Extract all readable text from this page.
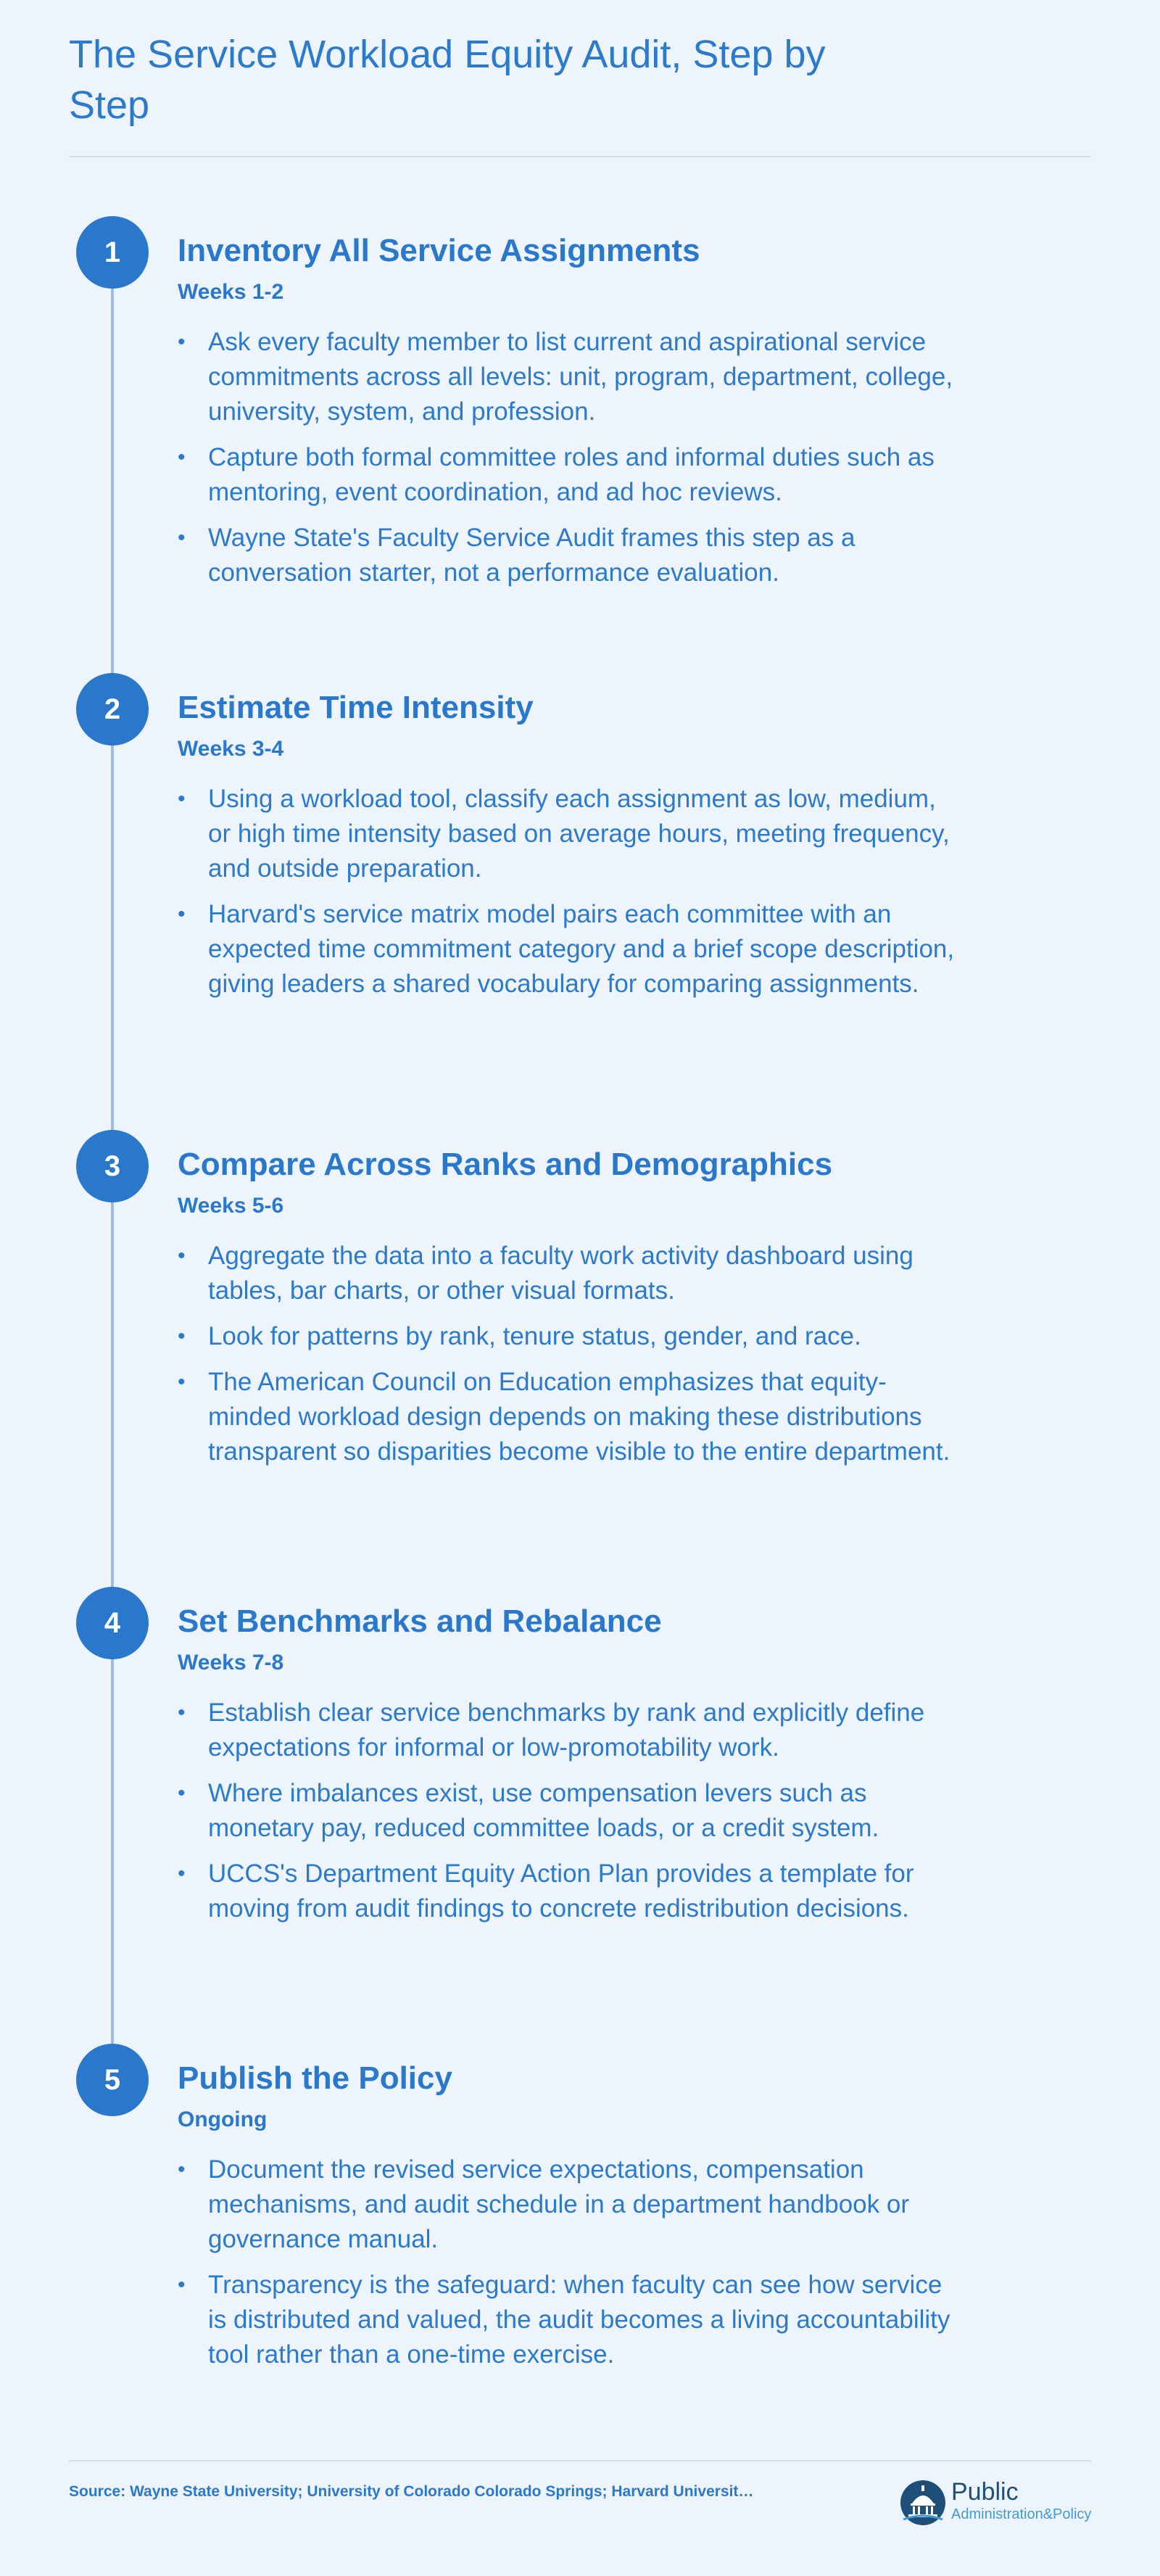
The Service Workload Equity Audit, Step by Step
1	Inventory All Service Assignments
Weeks 1-2
• Ask every faculty member to list current and aspirational service commitments across all levels: unit, program, department, college, university, system, and profession.
• Capture both formal committee roles and informal duties such as mentoring, event coordination, and ad hoc reviews.
• Wayne State's Faculty Service Audit frames this step as a conversation starter, not a performance evaluation.
2	Estimate Time Intensity
Weeks 3-4
• Using a workload tool, classify each assignment as low, medium, or high time intensity based on average hours, meeting frequency, and outside preparation.
• Harvard's service matrix model pairs each committee with an expected time commitment category and a brief scope description, giving leaders a shared vocabulary for comparing assignments.
3	Compare Across Ranks and Demographics
Weeks 5-6
• Aggregate the data into a faculty work activity dashboard using tables, bar charts, or other visual formats.
• Look for patterns by rank, tenure status, gender, and race.
• The American Council on Education emphasizes that equity-minded workload design depends on making these distributions transparent so disparities become visible to the entire department.
4	Set Benchmarks and Rebalance
Weeks 7-8
• Establish clear service benchmarks by rank and explicitly define expectations for informal or low-promotability work.
• Where imbalances exist, use compensation levers such as monetary pay, reduced committee loads, or a credit system.
• UCCS's Department Equity Action Plan provides a template for moving from audit findings to concrete redistribution decisions.
5	Publish the Policy
Ongoing
• Document the revised service expectations, compensation mechanisms, and audit schedule in a department handbook or governance manual.
• Transparency is the safeguard: when faculty can see how service is distributed and valued, the audit becomes a living accountability tool rather than a one-time exercise.
Source: Wayne State University; University of Colorado Colorado Springs; Harvard Universit…	Public
Administration&Policy
